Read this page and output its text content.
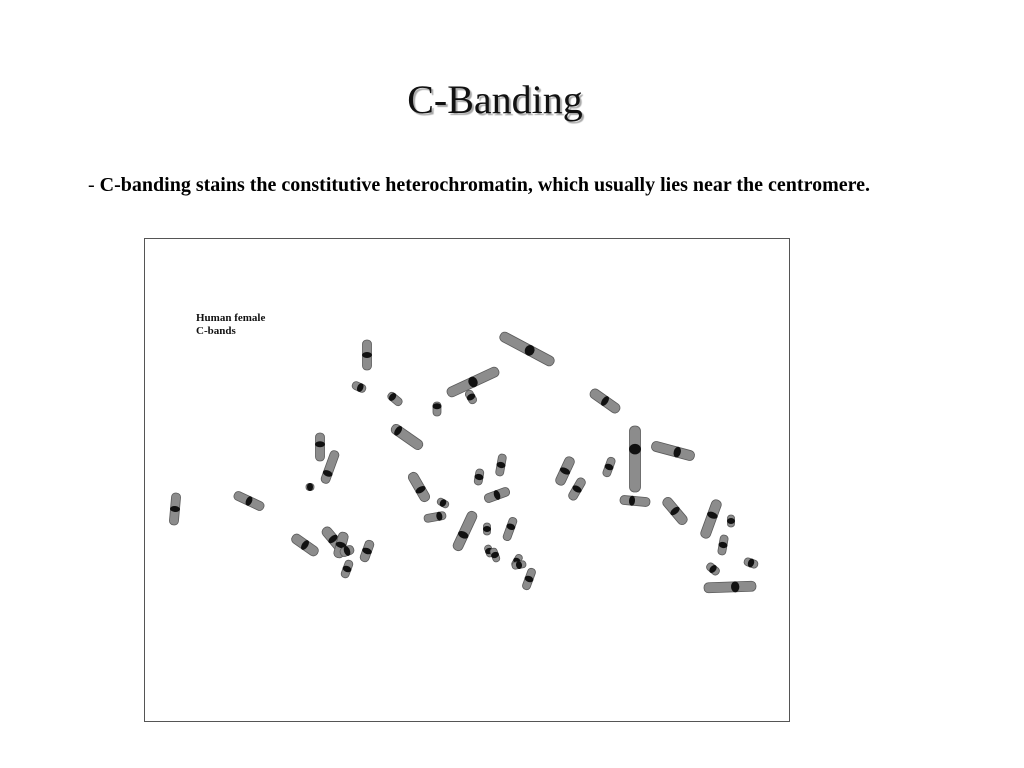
C-Banding
- C-banding stains the constitutive heterochromatin, which usually lies near the centromere.
Human female
C-bands
